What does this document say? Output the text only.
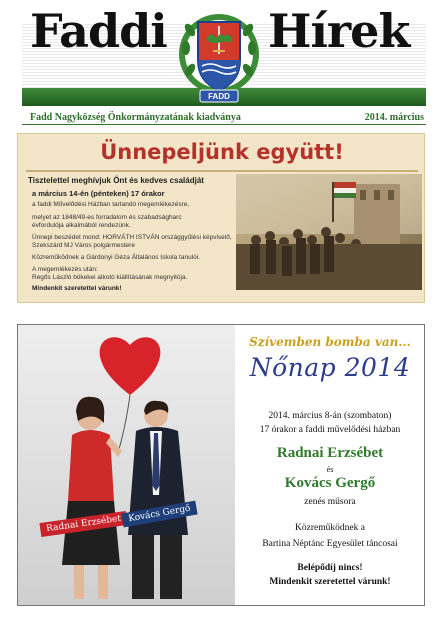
Faddi Hírek
FADD
Fadd Nagyközség Önkormányzatának kiadványa	2014. március
Ünnepeljünk együtt!
Tisztelettel meghívjuk Önt és kedves családját
a március 14-én (pénteken) 17 órakor
a faddi Művelődési Házban tartandó megemlékezésre,
melyet az 1848/49-es forradalom és szabadságharc
évfordulója alkalmából rendezünk.
Ünnepi beszédet mond: HORVÁTH ISTVÁN országgyűlési képviselő,
Szekszárd MJ Város polgármestere
Közreműködnek a Gárdonyi Géza Általános Iskola tanulói.
A megemlékezés után:
Regős László bökekei alkotó kiállításának megnyitója.
Mindenkit szeretettel várunk!
Radnai Erzsébet Kovács Gergő
Szívemben bomba van...
Nőnap 2014
2014. március 8-án (szombaton)
17 órakor a faddi művelődési házban
Radnai Erzsébet
és
Kovács Gergő
zenés műsora
Közreműködnek a
Bartina Néptánc Egyesület táncosai
Belépődíj nincs!
Mindenkit szeretettel várunk!
